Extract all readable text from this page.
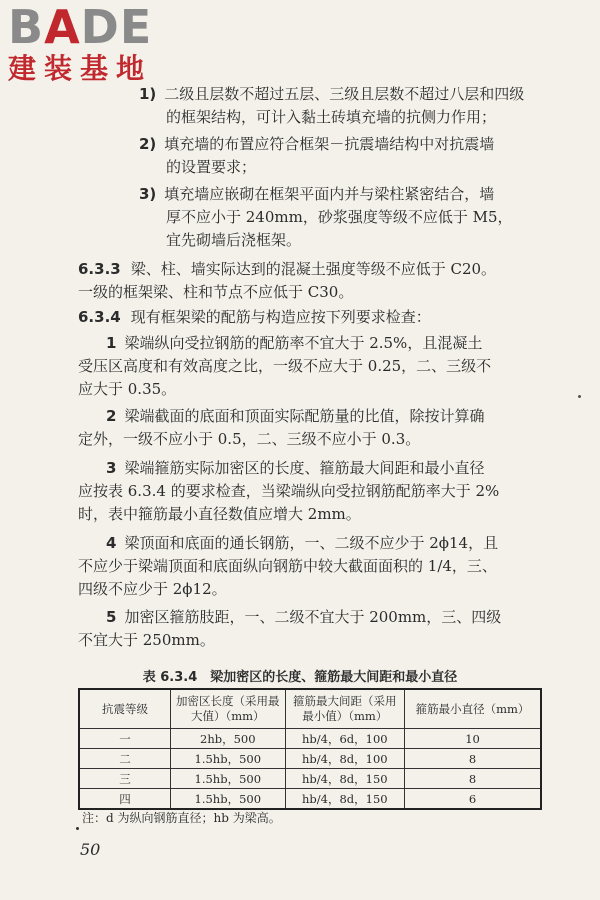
BADE
建装基地
1) 二级且层数不超过五层、三级且层数不超过八层和四级
的框架结构，可计入黏土砖填充墙的抗侧力作用；
2) 填充墙的布置应符合框架－抗震墙结构中对抗震墙
的设置要求；
3) 填充墙应嵌砌在框架平面内并与梁柱紧密结合，墙
厚不应小于 240mm，砂浆强度等级不应低于 M5，
宜先砌墙后浇框架。
6.3.3 梁、柱、墙实际达到的混凝土强度等级不应低于 C20。
一级的框架梁、柱和节点不应低于 C30。
6.3.4 现有框架梁的配筋与构造应按下列要求检查：
1 梁端纵向受拉钢筋的配筋率不宜大于 2.5%，且混凝土
受压区高度和有效高度之比，一级不应大于 0.25，二、三级不
应大于 0.35。
2 梁端截面的底面和顶面实际配筋量的比值，除按计算确
定外，一级不应小于 0.5，二、三级不应小于 0.3。
3 梁端箍筋实际加密区的长度、箍筋最大间距和最小直径
应按表 6.3.4 的要求检查，当梁端纵向受拉钢筋配筋率大于 2%
时，表中箍筋最小直径数值应增大 2mm。
4 梁顶面和底面的通长钢筋，一、二级不应少于 2ϕ14，且
不应少于梁端顶面和底面纵向钢筋中较大截面面积的 1/4，三、
四级不应少于 2ϕ12。
5 加密区箍筋肢距，一、二级不宜大于 200mm，三、四级
不宜大于 250mm。
表 6.3.4　梁加密区的长度、箍筋最大间距和最小直径
抗震等级	加密区长度（采用最大值）（mm）	箍筋最大间距（采用最小值）（mm）	箍筋最小直径（mm）
一	2hb，500	hb/4，6d，100	10
二	1.5hb，500	hb/4，8d，100	8
三	1.5hb，500	hb/4，8d，150	8
四	1.5hb，500	hb/4，8d，150	6
注：d 为纵向钢筋直径；hb 为梁高。
50
